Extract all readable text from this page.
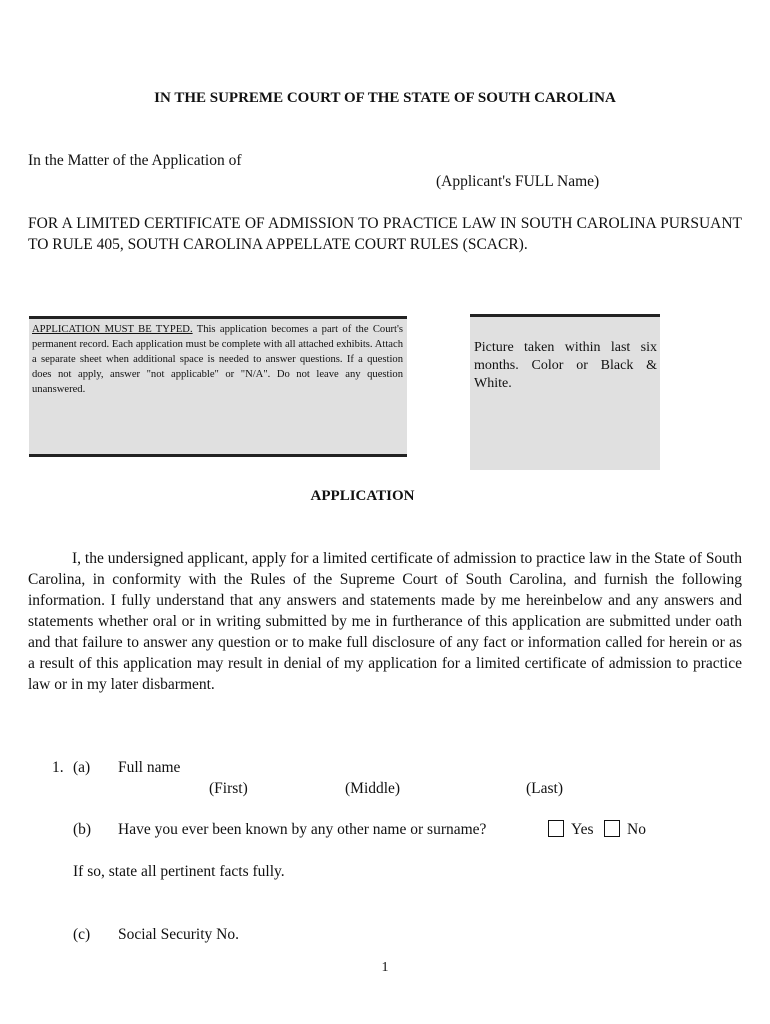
IN THE SUPREME COURT OF THE STATE OF SOUTH CAROLINA
In the Matter of the Application of
(Applicant's FULL Name)
FOR A LIMITED CERTIFICATE OF ADMISSION TO PRACTICE LAW IN SOUTH CAROLINA PURSUANT TO RULE 405, SOUTH CAROLINA APPELLATE COURT RULES (SCACR).
APPLICATION MUST BE TYPED. This application becomes a part of the Court's permanent record. Each application must be complete with all attached exhibits. Attach a separate sheet when additional space is needed to answer questions. If a question does not apply, answer "not applicable" or "N/A". Do not leave any question unanswered.
Picture taken within last six months. Color or Black & White.
APPLICATION
I, the undersigned applicant, apply for a limited certificate of admission to practice law in the State of South Carolina, in conformity with the Rules of the Supreme Court of South Carolina, and furnish the following information. I fully understand that any answers and statements made by me hereinbelow and any answers and statements whether oral or in writing submitted by me in furtherance of this application are submitted under oath and that failure to answer any question or to make full disclosure of any fact or information called for herein or as a result of this application may result in denial of my application for a limited certificate of admission to practice law or in my later disbarment.
1. (a) Full name
(First)	(Middle)	(Last)
(b) Have you ever been known by any other name or surname?	Yes No
If so, state all pertinent facts fully.
(c) Social Security No.
1
